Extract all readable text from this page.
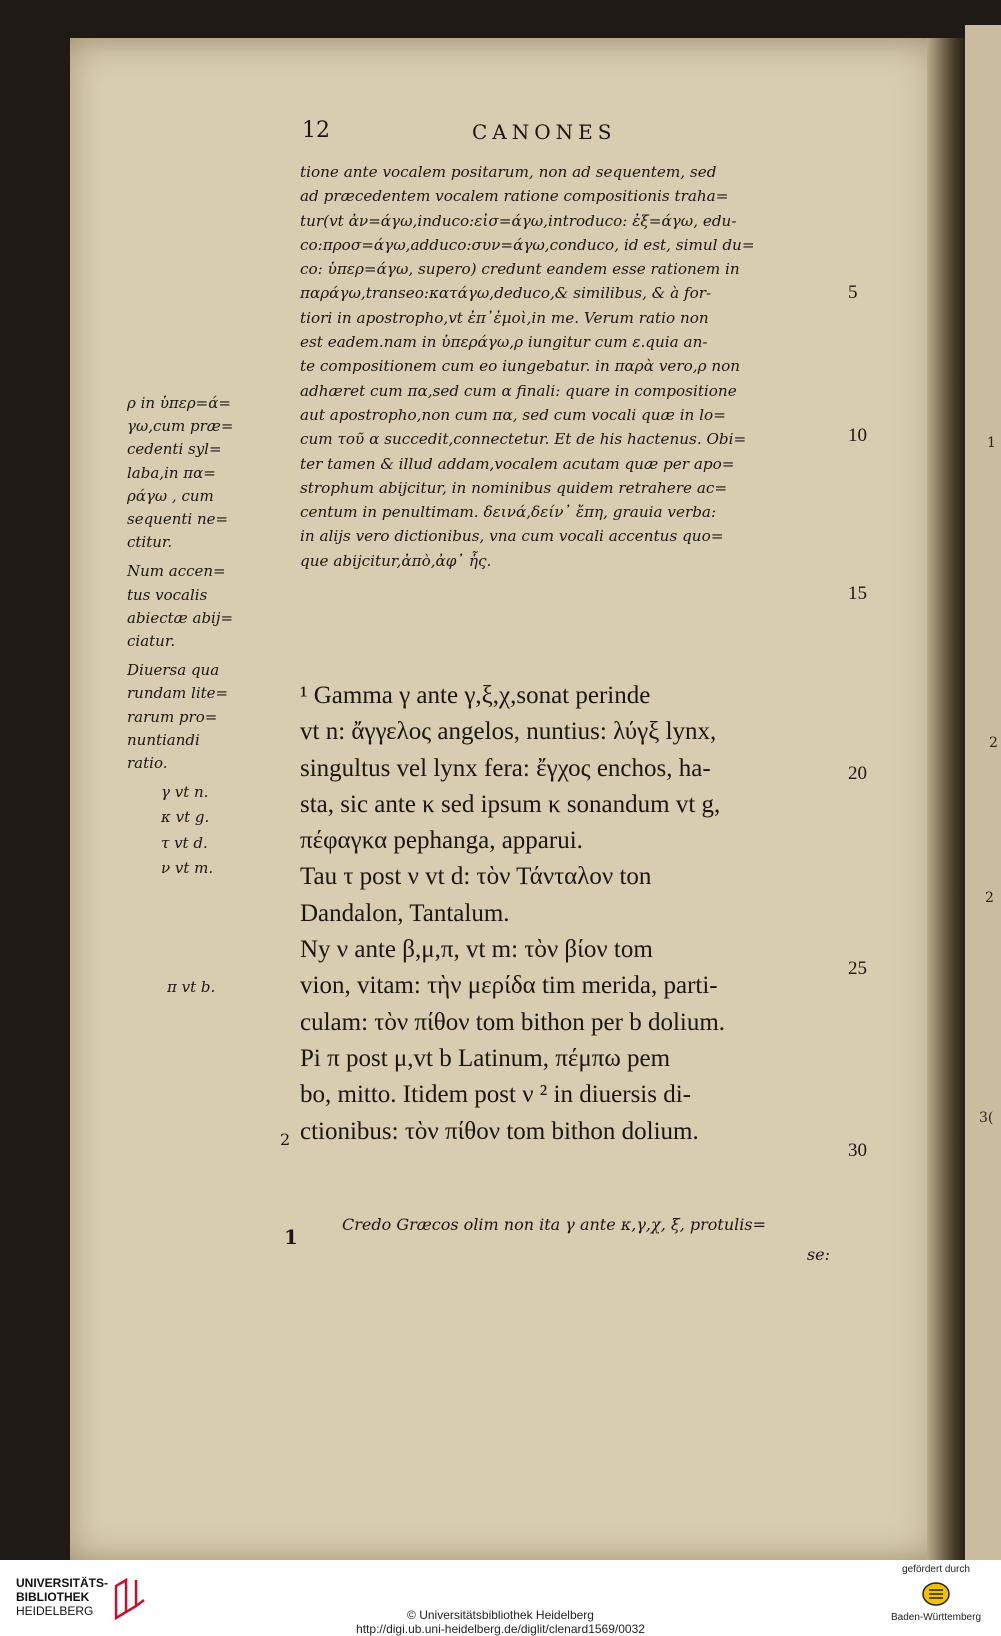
1
2
2
3(
12	CANONES
tione ante vocalem positarum, non ad sequentem, sed
ad præcedentem vocalem ratione compositionis traha=
tur(vt ἀν=άγω,induco:εἰσ=άγω,introduco: ἐξ=άγω, edu-
co:προσ=άγω,adduco:συν=άγω,conduco, id est, simul du=
co: ὑπερ=άγω, supero) credunt eandem esse rationem in
παράγω,transeo:κατάγω,deduco,& similibus, & à for-
tiori in apostropho,vt ἐπ᾽ἐμοὶ,in me. Verum ratio non
est eadem.nam in ὑπεράγω,ρ iungitur cum ε.quia an-
te compositionem cum eo iungebatur. in παρὰ vero,ρ non
adhæret cum πα,sed cum α finali: quare in compositione
aut apostropho,non cum πα, sed cum vocali quæ in lo=
cum τοῦ α succedit,connectetur. Et de his hactenus. Obi=
ter tamen & illud addam,vocalem acutam quæ per apo=
strophum abijcitur, in nominibus quidem retrahere ac=
centum in penultimam. δεινά,δείν᾽ ἔπη, grauia verba:
in alijs vero dictionibus, vna cum vocali accentus quo=
que abijcitur,ἀπὸ,ἀφ᾽ ἧς.
¹ Gamma γ ante γ,ξ,χ,sonat perinde
vt n: ἄγγελος angelos, nuntius: λύγξ lynx,
singultus vel lynx fera: ἔγχος enchos, ha-
sta, sic ante κ sed ipsum κ sonandum vt g,
πέφαγκα pephanga, apparui.
Tau τ post ν vt d: τὸν Τάνταλον ton
Dandalon, Tantalum.
Ny ν ante β,μ,π, vt m: τὸν βίον tom
vion, vitam: τὴν μερίδα tim merida, parti-
culam: τὸν πίθον tom bithon per b dolium.
Pi π post μ,vt b Latinum, πέμπω pem
bo, mitto. Itidem post ν ² in diuersis di-
ctionibus: τὸν πίθον tom bithon dolium.
5
10
15
20
25
30
ρ in ὑπερ=ά=
γω,cum præ=
cedenti syl=
laba,in πα=
ράγω , cum
sequenti ne=
ctitur.
Num accen=
tus vocalis
abiectæ abij=
ciatur.
Diuersa qua
rundam lite=
rarum pro=
nuntiandi
ratio.
γ vt n.
κ vt g.
τ vt d.
ν vt m.
π vt b.
2
1
Credo Græcos olim non ita γ ante κ,γ,χ, ξ, protulis=
se:
UNIVERSITÄTS-
BIBLIOTHEK
HEIDELBERG	© Universitätsbibliothek Heidelberg
http://digi.ub.uni-heidelberg.de/diglit/clenard1569/0032
gefördert durch
Baden-Württemberg
